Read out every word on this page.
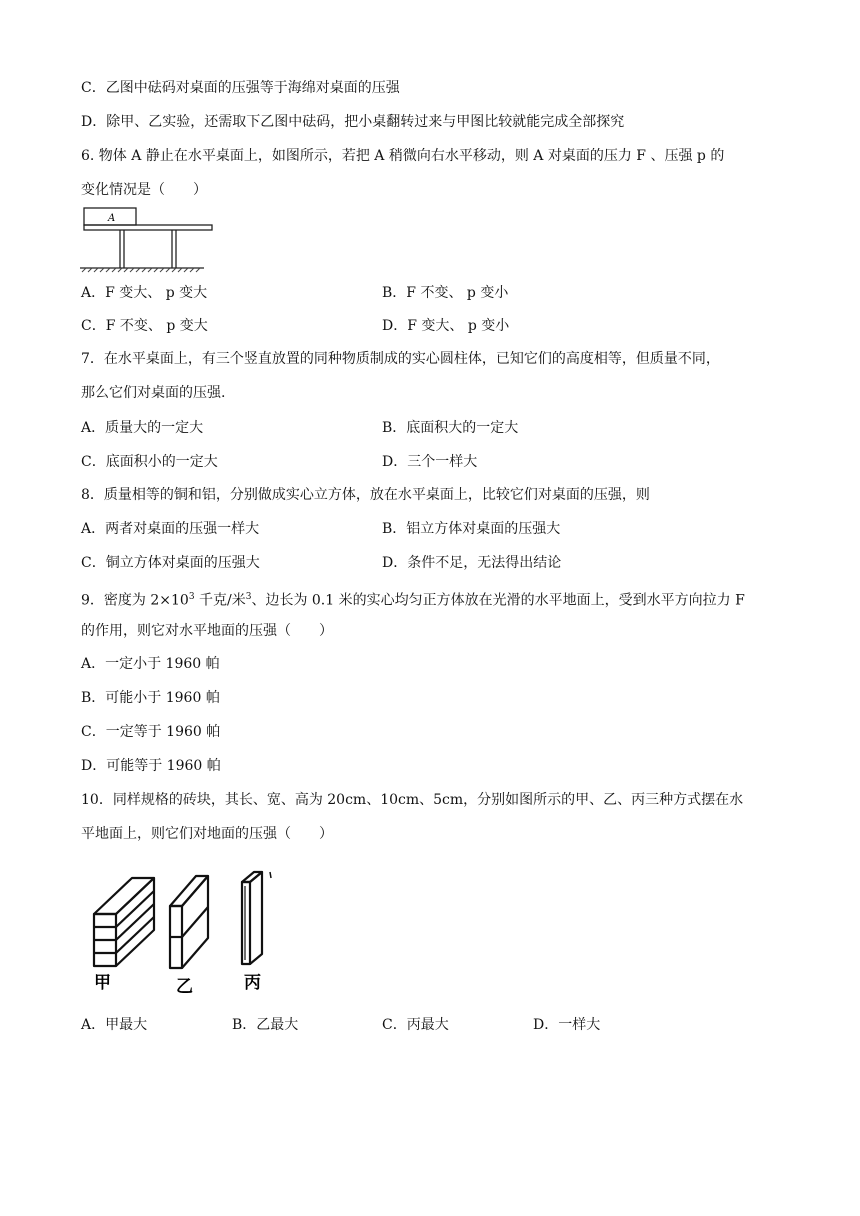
C．乙图中砝码对桌面的压强等于海绵对桌面的压强
D．除甲、乙实验，还需取下乙图中砝码，把小桌翻转过来与甲图比较就能完成全部探究
6. 物体 A 静止在水平桌面上，如图所示，若把 A 稍微向右水平移动，则 A 对桌面的压力 F 、压强 p 的
变化情况是（　　）
A
A．F 变大、 p 变大	B．F 不变、 p 变小
C．F 不变、 p 变大	D．F 变大、 p 变小
7．在水平桌面上，有三个竖直放置的同种物质制成的实心圆柱体，已知它们的高度相等，但质量不同，
那么它们对桌面的压强.
A．质量大的一定大	B．底面积大的一定大
C．底面积小的一定大	D．三个一样大
8．质量相等的铜和铝，分别做成实心立方体，放在水平桌面上，比较它们对桌面的压强，则
A．两者对桌面的压强一样大	B．铝立方体对桌面的压强大
C．铜立方体对桌面的压强大	D．条件不足，无法得出结论
9．密度为 $2\times 10^3$ 千克/米$^3$、边长为 0.1 米的实心均匀正方体放在光滑的水平地面上，受到水平方向拉力 F
的作用，则它对水平地面的压强（　　）
A．一定小于 1960 帕
B．可能小于 1960 帕
C．一定等于 1960 帕
D．可能等于 1960 帕
10．同样规格的砖块，其长、宽、高为 20cm、10cm、5cm，分别如图所示的甲、乙、丙三种方式摆在水
平地面上，则它们对地面的压强（　　）
甲	乙	丙
A．甲最大	B．乙最大	C．丙最大	D．一样大
